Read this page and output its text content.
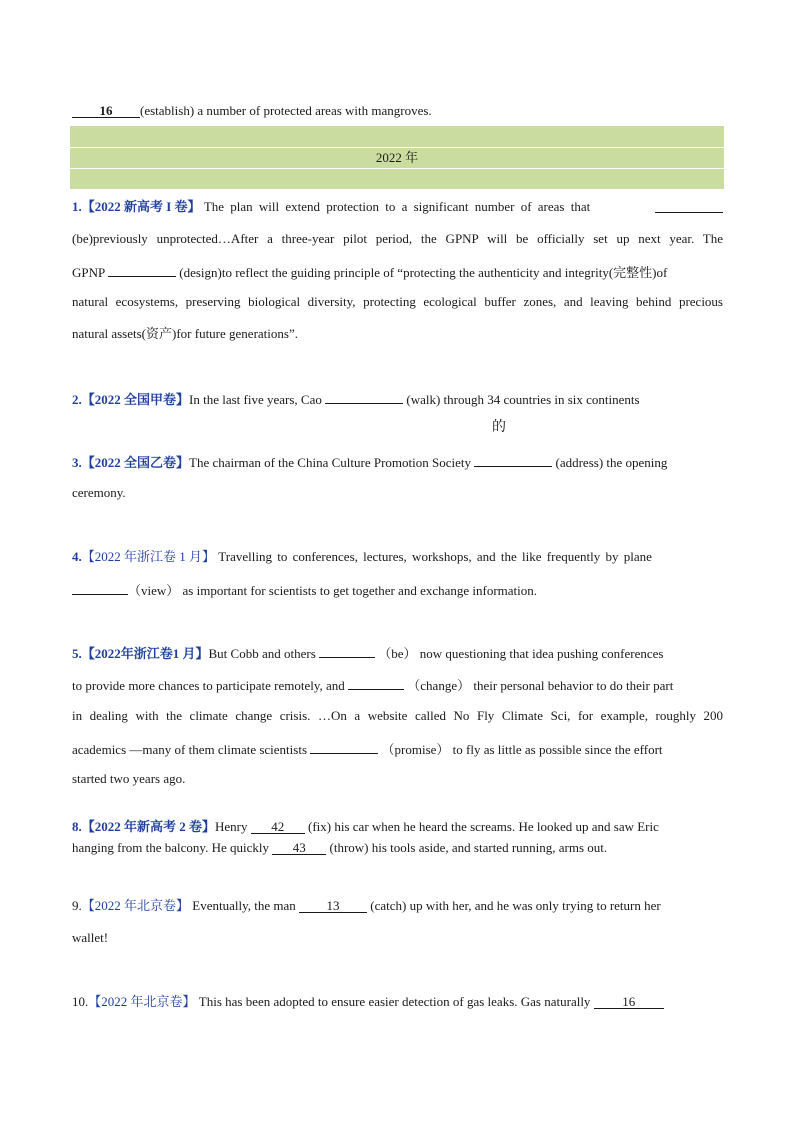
16 (establish) a number of protected areas with mangroves.
2022 年
1.【2022 新高考 I 卷】 The plan will extend protection to a significant number of areas that
(be)previously unprotected…After a three-year pilot period, the GPNP will be officially set up next year. The
GPNP	(design)to reflect the guiding principle of “protecting the authenticity and integrity(完整性)of
natural ecosystems, preserving biological diversity, protecting ecological buffer zones, and leaving behind precious
natural assets(资产)for future generations”.
2.【2022 全国甲卷】In the last five years, Cao	(walk) through 34 countries in six continents
的
3.【2022 全国乙卷】The chairman of the China Culture Promotion Society	(address) the opening
ceremony.
4.【2022 年浙江卷 1 月】 Travelling to conferences, lectures, workshops, and the like frequently by plane
（view） as important for scientists to get together and exchange information.
5.【2022年浙江卷1 月】But Cobb and others	（be） now questioning that idea pushing conferences
to provide more chances to participate remotely, and	（change） their personal behavior to do their part
in dealing with the climate change crisis. …On a website called No Fly Climate Sci, for example, roughly 200
academics —many of them climate scientists	（promise） to fly as little as possible since the effort
started two years ago.
8.【2022 年新高考 2 卷】Henry 42 (fix) his car when he heard the screams. He looked up and saw Eric
hanging from the balcony. He quickly 43 (throw) his tools aside, and started running, arms out.
9.【2022 年北京卷】 Eventually, the man 13 (catch) up with her, and he was only trying to return her
wallet!
10.【2022 年北京卷】 This has been adopted to ensure easier detection of gas leaks. Gas naturally 16
